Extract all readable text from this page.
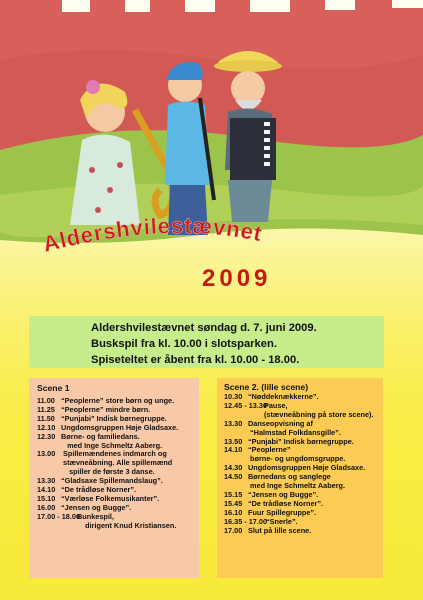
Aldershvilestævnet
2009
Aldershvilestævnet søndag d. 7. juni 2009.
Buskspil fra kl. 10.00 i slotsparken.
Spiseteltet er åbent fra kl. 10.00 - 18.00.
Scene 1
11.00 “Peoplerne” store børn og unge.
11.25 “Peoplerne” mindre børn.
11.50 “Punjabi” Indisk børnegruppe.
12.10 Ungdomsgruppen Høje Gladsaxe.
12.30 Børne- og familiedans.
med Inge Schmeltz Aaberg.
13.00	Spillemændenes indmarch og
stævneåbning. Alle spillemænd
spiller de første 3 danse.
13.30 “Gladsaxe Spillemandslaug”.
14.10 “De trådløse Norner”.
15.10 “Værløse Folkemusikanter”.
16.00 “Jensen og Bugge”.
17.00 - 18.00
Bunkespil,
dirigent Knud Kristiansen.
Scene 2. (lille scene)
10.30 “Nøddeknækkerne”.
12.45 - 13.30
Pause,
(stævneåbning på store scene).
13.30 Danseopvisning af
“Halmstad Folkdansgille”.
13.50 “Punjabi” Indisk børnegruppe.
14.10 “Peoplerne”
børne- og ungdomsgruppe.
14.30 Ungdomsgruppen Høje Gladsaxe.
14.50 Børnedans og sanglege
med Inge Schmeltz Aaberg.
15.15 “Jensen og Bugge”.
15.45 “De trådløse Norner”.
16.10 Fuur Spillegruppe”.
16.35 - 17.00
“Snerle”.
17.00 Slut på lille scene.
